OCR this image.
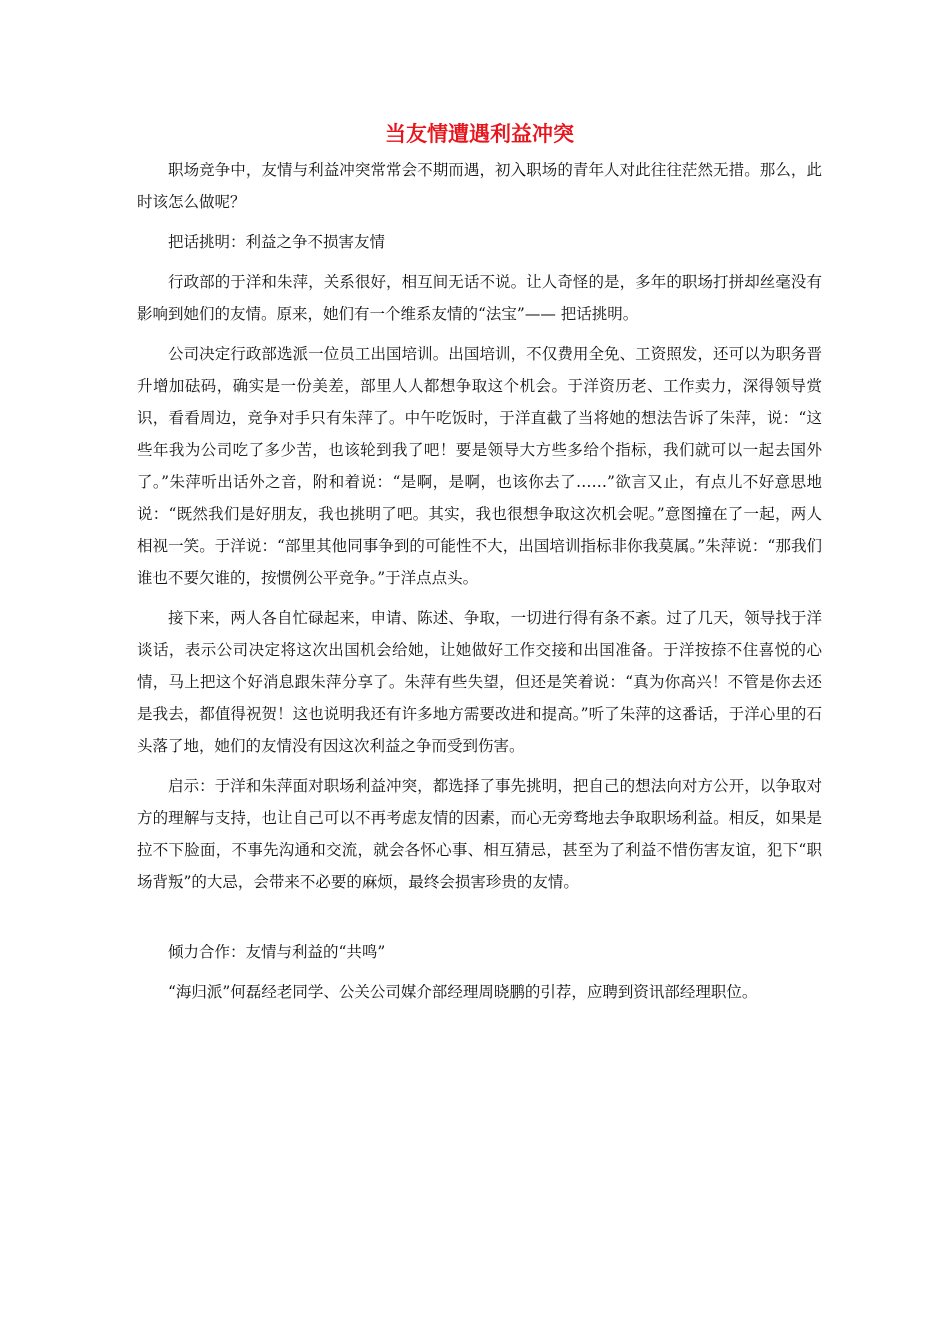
当友情遭遇利益冲突

职场竞争中，友情与利益冲突常常会不期而遇，初入职场的青年人对此往往茫然无措。那么，此时该怎么做呢？

把话挑明：利益之争不损害友情

行政部的于洋和朱萍，关系很好，相互间无话不说。让人奇怪的是，多年的职场打拼却丝毫没有影响到她们的友情。原来，她们有一个维系友情的“法宝”—— 把话挑明。

公司决定行政部选派一位员工出国培训。出国培训，不仅费用全免、工资照发，还可以为职务晋升增加砝码，确实是一份美差，部里人人都想争取这个机会。于洋资历老、工作卖力，深得领导赏识，看看周边，竞争对手只有朱萍了。中午吃饭时，于洋直截了当将她的想法告诉了朱萍，说：“这些年我为公司吃了多少苦，也该轮到我了吧！要是领导大方些多给个指标，我们就可以一起去国外了。”朱萍听出话外之音，附和着说：“是啊，是啊，也该你去了……”欲言又止，有点儿不好意思地说：“既然我们是好朋友，我也挑明了吧。其实，我也很想争取这次机会呢。”意图撞在了一起，两人相视一笑。于洋说：“部里其他同事争到的可能性不大，出国培训指标非你我莫属。”朱萍说：“那我们谁也不要欠谁的，按惯例公平竞争。”于洋点点头。

接下来，两人各自忙碌起来，申请、陈述、争取，一切进行得有条不紊。过了几天，领导找于洋谈话，表示公司决定将这次出国机会给她，让她做好工作交接和出国准备。于洋按捺不住喜悦的心情，马上把这个好消息跟朱萍分享了。朱萍有些失望，但还是笑着说：“真为你高兴！不管是你去还是我去，都值得祝贺！这也说明我还有许多地方需要改进和提高。”听了朱萍的这番话，于洋心里的石头落了地，她们的友情没有因这次利益之争而受到伤害。

启示：于洋和朱萍面对职场利益冲突，都选择了事先挑明，把自己的想法向对方公开，以争取对方的理解与支持，也让自己可以不再考虑友情的因素，而心无旁骛地去争取职场利益。相反，如果是拉不下脸面，不事先沟通和交流，就会各怀心事、相互猜忌，甚至为了利益不惜伤害友谊，犯下“职场背叛”的大忌，会带来不必要的麻烦，最终会损害珍贵的友情。

倾力合作：友情与利益的“共鸣”

“海归派”何磊经老同学、公关公司媒介部经理周晓鹏的引荐，应聘到资讯部经理职位。
